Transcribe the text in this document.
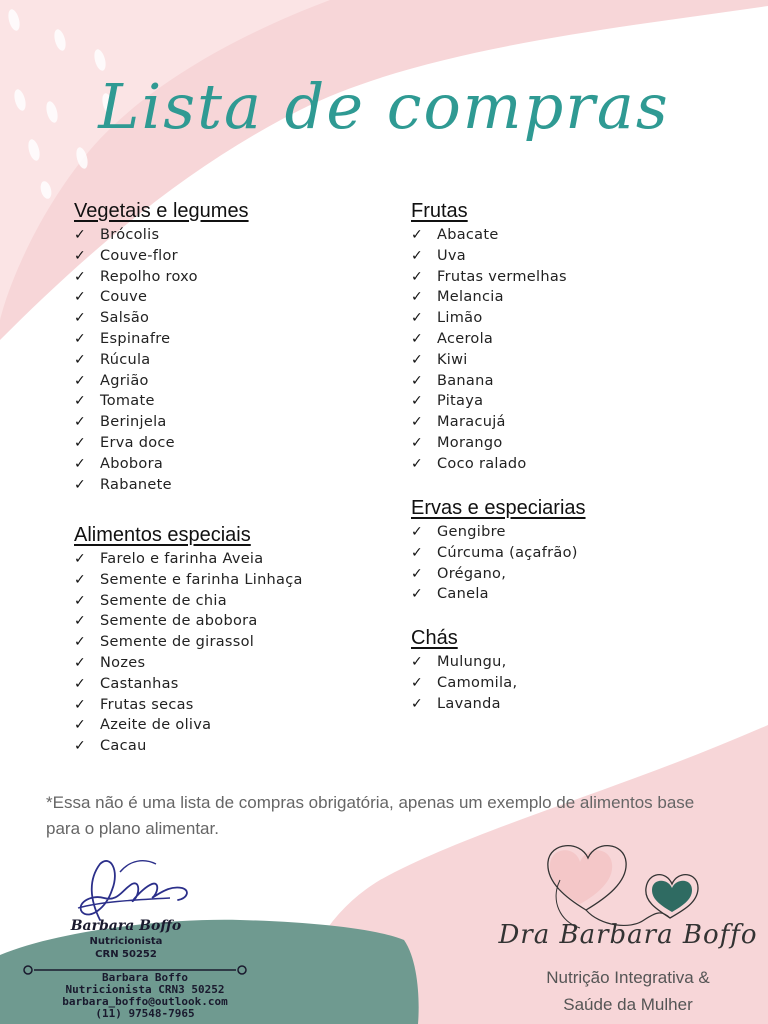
Lista de compras
Vegetais e legumes
✓ Brócolis
✓ Couve-flor
✓ Repolho roxo
✓ Couve
✓ Salsão
✓ Espinafre
✓ Rúcula
✓ Agrião
✓ Tomate
✓ Berinjela
✓ Erva doce
✓ Abobora
✓ Rabanete
Alimentos especiais
✓ Farelo e farinha Aveia
✓ Semente e farinha Linhaça
✓ Semente de chia
✓ Semente de abobora
✓ Semente de girassol
✓ Nozes
✓ Castanhas
✓ Frutas secas
✓ Azeite de oliva
✓ Cacau
Frutas
✓ Abacate
✓ Uva
✓ Frutas vermelhas
✓ Melancia
✓ Limão
✓ Acerola
✓ Kiwi
✓ Banana
✓ Pitaya
✓ Maracujá
✓ Morango
✓ Coco ralado
Ervas e especiarias
✓ Gengibre
✓ Cúrcuma (açafrão)
✓ Orégano,
✓ Canela
Chás
✓ Mulungu,
✓ Camomila,
✓ Lavanda
*Essa não é uma lista de compras obrigatória, apenas um exemplo de alimentos base para o plano alimentar.
Barbara Boffo
Nutricionista
CRN 50252
Barbara Boffo
Nutricionista CRN3 50252
barbara_boffo@outlook.com
(11) 97548-7965
Dra Barbara Boffo
Nutrição Integrativa &
Saúde da Mulher
